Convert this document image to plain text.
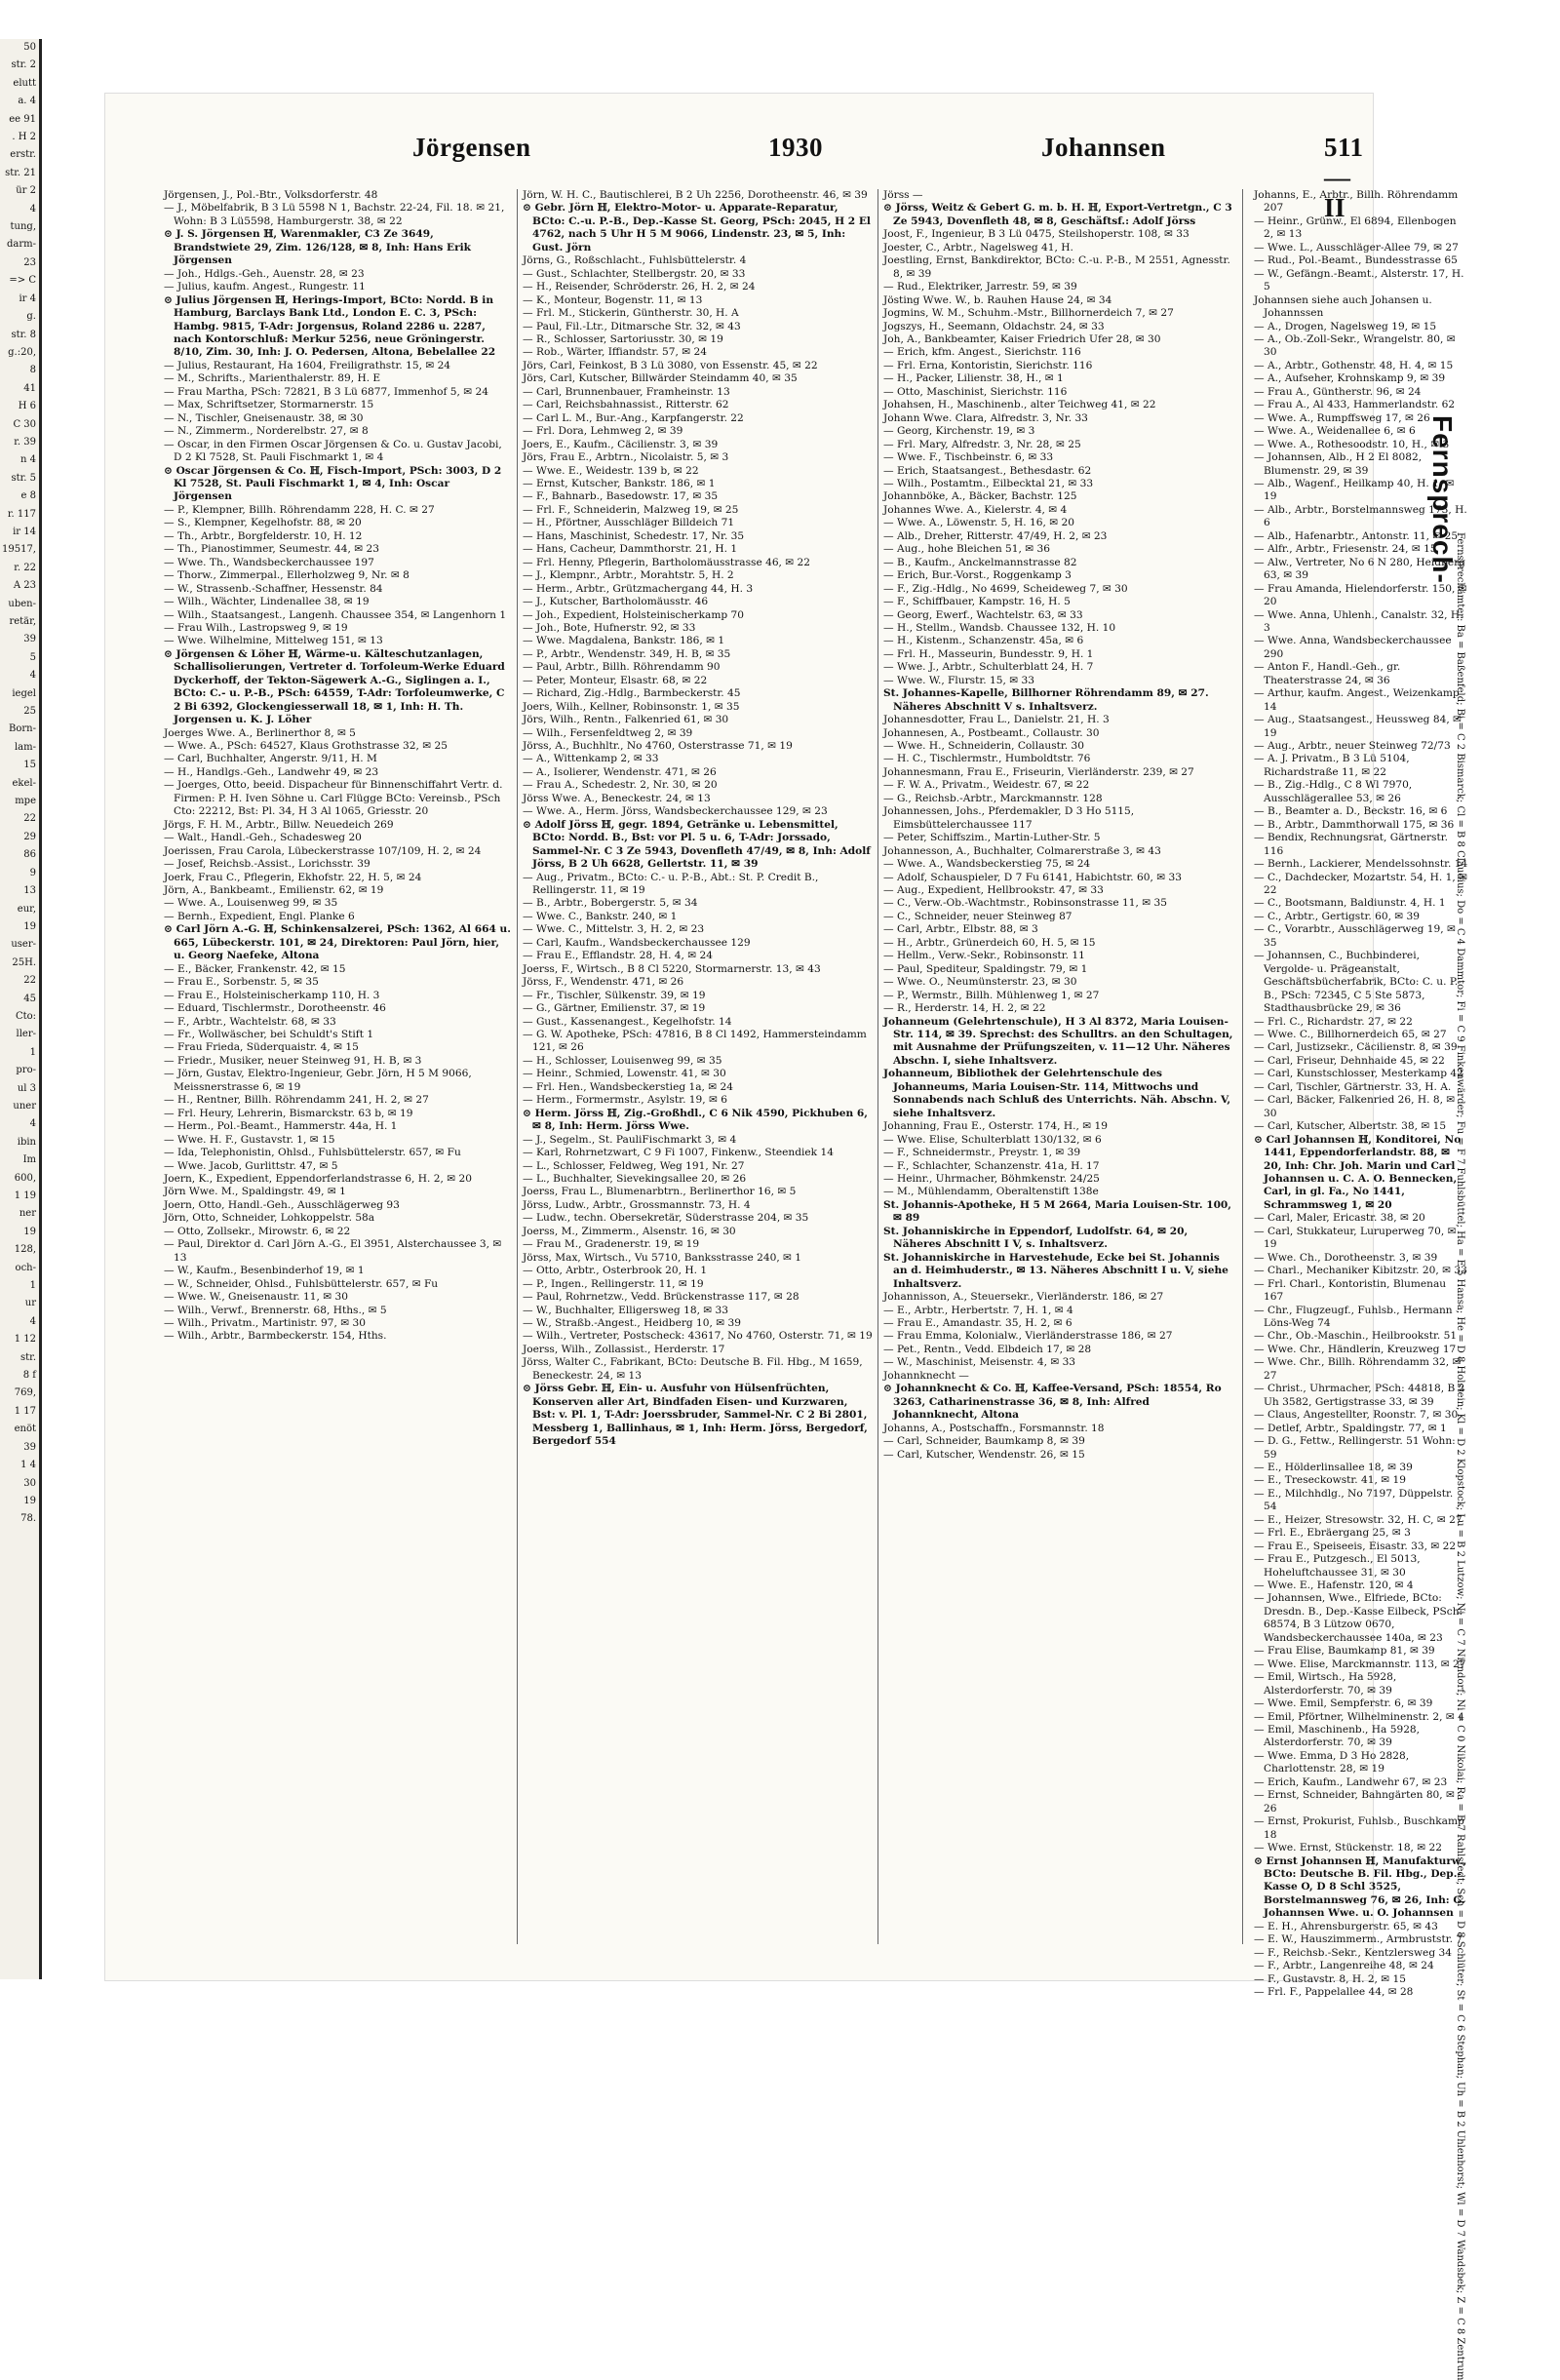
50
str. 2
elutt
a. 4
ee 91
. H 2
erstr.
str. 21
ür 2
4
tung,
darm-
23
=> C
ir 4
g.
str. 8
g.:20,
8
41
H 6
C 30
r. 39
n 4
str. 5
e 8
r. 117
ir 14
19517,
r. 22
A 23
uben-
retär,
39
5
4
iegel
25
Born-
lam-
15
ekel-
mpe
22
29
86
9
13
eur,
19
user-
25H.
22
45
Cto:
ller-
1
pro-
ul 3
uner
4
ibin
Im
600,
1 19
ner
19
128,
och-
1
ur
4
1 12
str.
8 f
769,
1 17
enöt
39
1 4
30
19
78.
Jörgensen	1930	Johannsen	511—II

Jörgensen, J., Pol.-Btr., Volksdorferstr. 48

— J., Möbelfabrik, B 3 Lü 5598 N 1, Bachstr. 22-24, Fil. 18. ✉ 21, Wohn: B 3 Lü5598, Hamburgerstr. 38, ✉ 22

⊙ J. S. Jörgensen ℍ, Warenmakler, C3 Ze 3649, Brandstwiete 29, Zim. 126/128, ✉ 8, Inh: Hans Erik Jörgensen

— Joh., Hdlgs.-Geh., Auenstr. 28, ✉ 23

— Julius, kaufm. Angest., Rungestr. 11

⊙ Julius Jörgensen ℍ, Herings-Import, BCto: Nordd. B in Hamburg, Barclays Bank Ltd., London E. C. 3, PSch: Hambg. 9815, T-Adr: Jorgensus, Roland 2286 u. 2287, nach Kontorschluß: Merkur 5256, neue Gröningerstr. 8/10, Zim. 30, Inh: J. O. Pedersen, Altona, Bebelallee 22

— Julius, Restaurant, Ha 1604, Freiligrathstr. 15, ✉ 24

— M., Schrifts., Marienthalerstr. 89, H. E

— Frau Martha, PSch: 72821, B 3 Lü 6877, Immenhof 5, ✉ 24

— Max, Schriftsetzer, Stormarnerstr. 15

— N., Tischler, Gneisenaustr. 38, ✉ 30

— N., Zimmerm., Norderelbstr. 27, ✉ 8

— Oscar, in den Firmen Oscar Jörgensen & Co. u. Gustav Jacobi, D 2 Kl 7528, St. Pauli Fischmarkt 1, ✉ 4

⊙ Oscar Jörgensen & Co. ℍ, Fisch-Import, PSch: 3003, D 2 Kl 7528, St. Pauli Fischmarkt 1, ✉ 4, Inh: Oscar Jörgensen

— P., Klempner, Billh. Röhrendamm 228, H. C. ✉ 27

— S., Klempner, Kegelhofstr. 88, ✉ 20

— Th., Arbtr., Borgfelderstr. 10, H. 12

— Th., Pianostimmer, Seumestr. 44, ✉ 23

— Wwe. Th., Wandsbeckerchaussee 197

— Thorw., Zimmerpal., Ellerholzweg 9, Nr. ✉ 8

— W., Strassenb.-Schaffner, Hessenstr. 84

— Wilh., Wächter, Lindenallee 38, ✉ 19

— Wilh., Staatsangest., Langenh. Chaussee 354, ✉ Langenhorn 1

— Frau Wilh., Lastropsweg 9, ✉ 19

— Wwe. Wilhelmine, Mittelweg 151, ✉ 13

⊙ Jörgensen & Löher ℍ, Wärme-u. Kälteschutzanlagen, Schallisolierungen, Vertreter d. Torfoleum-Werke Eduard Dyckerhoff, der Tekton-Sägewerk A.-G., Siglingen a. I., BCto: C.- u. P.-B., PSch: 64559, T-Adr: Torfoleumwerke, C 2 Bi 6392, Glockengiesserwall 18, ✉ 1, Inh: H. Th. Jorgensen u. K. J. Löher

Joerges Wwe. A., Berlinerthor 8, ✉ 5

— Wwe. A., PSch: 64527, Klaus Grothstrasse 32, ✉ 25

— Carl, Buchhalter, Angerstr. 9/11, H. M

— H., Handlgs.-Geh., Landwehr 49, ✉ 23

— Joerges, Otto, beeid. Dispacheur für Binnenschiffahrt Vertr. d. Firmen: P. H. Iven Söhne u. Carl Flügge BCto: Vereinsb., PSch Cto: 22212, Bst: Pl. 34, H 3 Al 1065, Griesstr. 20

Jörgs, F. H. M., Arbtr., Billw. Neuedeich 269

— Walt., Handl.-Geh., Schadesweg 20

Joerissen, Frau Carola, Lübeckerstrasse 107/109, H. 2, ✉ 24

— Josef, Reichsb.-Assist., Lorichsstr. 39

Joerk, Frau C., Pflegerin, Ekhofstr. 22, H. 5, ✉ 24

Jörn, A., Bankbeamt., Emilienstr. 62, ✉ 19

— Wwe. A., Louisenweg 99, ✉ 35

— Bernh., Expedient, Engl. Planke 6

⊙ Carl Jörn A.-G. ℍ, Schinkensalzerei, PSch: 1362, Al 664 u. 665, Lübeckerstr. 101, ✉ 24, Direktoren: Paul Jörn, hier, u. Georg Naefeke, Altona

— E., Bäcker, Frankenstr. 42, ✉ 15

— Frau E., Sorbenstr. 5, ✉ 35

— Frau E., Holsteinischerkamp 110, H. 3

— Eduard, Tischlermstr., Dorotheenstr. 46

— F., Arbtr., Wachtelstr. 68, ✉ 33

— Fr., Wollwäscher, bei Schuldt's Stift 1

— Frau Frieda, Süderquaistr. 4, ✉ 15

— Friedr., Musiker, neuer Steinweg 91, H. B, ✉ 3

— Jörn, Gustav, Elektro-Ingenieur, Gebr. Jörn, H 5 M 9066, Meissnerstrasse 6, ✉ 19

— H., Rentner, Billh. Röhrendamm 241, H. 2, ✉ 27

— Frl. Heury, Lehrerin, Bismarckstr. 63 b, ✉ 19

— Herm., Pol.-Beamt., Hammerstr. 44a, H. 1

— Wwe. H. F., Gustavstr. 1, ✉ 15

— Ida, Telephonistin, Ohlsd., Fuhlsbüttelerstr. 657, ✉ Fu

— Wwe. Jacob, Gurlittstr. 47, ✉ 5

Joern, K., Expedient, Eppendorferlandstrasse 6, H. 2, ✉ 20

Jörn Wwe. M., Spaldingstr. 49, ✉ 1

Joern, Otto, Handl.-Geh., Ausschlägerweg 93

Jörn, Otto, Schneider, Lohkoppelstr. 58a

— Otto, Zollsekr., Mirowstr. 6, ✉ 22

— Paul, Direktor d. Carl Jörn A.-G., El 3951, Alsterchaussee 3, ✉ 13

— W., Kaufm., Besenbinderhof 19, ✉ 1

— W., Schneider, Ohlsd., Fuhlsbüttelerstr. 657, ✉ Fu

— Wwe. W., Gneisenaustr. 11, ✉ 30

— Wilh., Verwf., Brennerstr. 68, Hths., ✉ 5

— Wilh., Privatm., Martinistr. 97, ✉ 30

— Wilh., Arbtr., Barmbeckerstr. 154, Hths.

Jörn, W. H. C., Bautischlerei, B 2 Uh 2256, Dorotheenstr. 46, ✉ 39

⊙ Gebr. Jörn ℍ, Elektro-Motor- u. Apparate-Reparatur, BCto: C.-u. P.-B., Dep.-Kasse St. Georg, PSch: 2045, H 2 El 4762, nach 5 Uhr H 5 M 9066, Lindenstr. 23, ✉ 5, Inh: Gust. Jörn

Jörns, G., Roßschlacht., Fuhlsbüttelerstr. 4

— Gust., Schlachter, Stellbergstr. 20, ✉ 33

— H., Reisender, Schröderstr. 26, H. 2, ✉ 24

— K., Monteur, Bogenstr. 11, ✉ 13

— Frl. M., Stickerin, Güntherstr. 30, H. A

— Paul, Fil.-Ltr., Ditmarsche Str. 32, ✉ 43

— R., Schlosser, Sartoriusstr. 30, ✉ 19

— Rob., Wärter, Iffiandstr. 57, ✉ 24

Jörs, Carl, Feinkost, B 3 Lü 3080, von Essenstr. 45, ✉ 22

Jörs, Carl, Kutscher, Billwärder Steindamm 40, ✉ 35

— Carl, Brunnenbauer, Framheinstr. 13

— Carl, Reichsbahnassist., Ritterstr. 62

— Carl L. M., Bur.-Ang., Karpfangerstr. 22

— Frl. Dora, Lehmweg 2, ✉ 39

Joers, E., Kaufm., Cäcilienstr. 3, ✉ 39

Jörs, Frau E., Arbtrn., Nicolaistr. 5, ✉ 3

— Wwe. E., Weidestr. 139 b, ✉ 22

— Ernst, Kutscher, Bankstr. 186, ✉ 1

— F., Bahnarb., Basedowstr. 17, ✉ 35

— Frl. F., Schneiderin, Malzweg 19, ✉ 25

— H., Pförtner, Ausschläger Billdeich 71

— Hans, Maschinist, Schedestr. 17, Nr. 35

— Hans, Cacheur, Dammthorstr. 21, H. 1

— Frl. Henny, Pflegerin, Bartholomäusstrasse 46, ✉ 22

— J., Klempnr., Arbtr., Morahtstr. 5, H. 2

— Herm., Arbtr., Grützmachergang 44, H. 3

— J., Kutscher, Bartholomäusstr. 46

— Joh., Expedient, Holsteinischerkamp 70

— Joh., Bote, Hufnerstr. 92, ✉ 33

— Wwe. Magdalena, Bankstr. 186, ✉ 1

— P., Arbtr., Wendenstr. 349, H. B, ✉ 35

— Paul, Arbtr., Billh. Röhrendamm 90

— Peter, Monteur, Elsastr. 68, ✉ 22

— Richard, Zig.-Hdlg., Barmbeckerstr. 45

Joers, Wilh., Kellner, Robinsonstr. 1, ✉ 35

Jörs, Wilh., Rentn., Falkenried 61, ✉ 30

— Wilh., Fersenfeldtweg 2, ✉ 39

Jörss, A., Buchhltr., No 4760, Osterstrasse 71, ✉ 19

— A., Wittenkamp 2, ✉ 33

— A., Isolierer, Wendenstr. 471, ✉ 26

— Frau A., Schedestr. 2, Nr. 30, ✉ 20

Jörss Wwe. A., Beneckestr. 24, ✉ 13

— Wwe. A., Herm. Jörss, Wandsbeckerchaussee 129, ✉ 23

⊙ Adolf Jörss ℍ, gegr. 1894, Getränke u. Lebensmittel, BCto: Nordd. B., Bst: vor Pl. 5 u. 6, T-Adr: Jorssado, Sammel-Nr. C 3 Ze 5943, Dovenfleth 47/49, ✉ 8, Inh: Adolf Jörss, B 2 Uh 6628, Gellertstr. 11, ✉ 39

— Aug., Privatm., BCto: C.- u. P.-B., Abt.: St. P. Credit B., Rellingerstr. 11, ✉ 19

— B., Arbtr., Bobergerstr. 5, ✉ 34

— Wwe. C., Bankstr. 240, ✉ 1

— Wwe. C., Mittelstr. 3, H. 2, ✉ 23

— Carl, Kaufm., Wandsbeckerchaussee 129

— Frau E., Efflandstr. 28, H. 4, ✉ 24

Joerss, F., Wirtsch., B 8 Cl 5220, Stormarnerstr. 13, ✉ 43

Jörss, F., Wendenstr. 471, ✉ 26

— Fr., Tischler, Sülkenstr. 39, ✉ 19

— G., Gärtner, Emilienstr. 37, ✉ 19

— Gust., Kassenangest., Kegelhofstr. 14

— G. W. Apotheke, PSch: 47816, B 8 Cl 1492, Hammersteindamm 121, ✉ 26

— H., Schlosser, Louisenweg 99, ✉ 35

— Heinr., Schmied, Lowenstr. 41, ✉ 30

— Frl. Hen., Wandsbeckerstieg 1a, ✉ 24

— Herm., Formermstr., Asylstr. 19, ✉ 6

⊙ Herm. Jörss ℍ, Zig.-Großhdl., C 6 Nik 4590, Pickhuben 6, ✉ 8, Inh: Herm. Jörss Wwe.

— J., Segelm., St. PauliFischmarkt 3, ✉ 4

— Karl, Rohrnetzwart, C 9 Fi 1007, Finkenw., Steendiek 14

— L., Schlosser, Feldweg, Weg 191, Nr. 27

— L., Buchhalter, Sievekingsallee 20, ✉ 26

Joerss, Frau L., Blumenarbtrn., Berlinerthor 16, ✉ 5

Jörss, Ludw., Arbtr., Grossmannstr. 73, H. 4

— Ludw., techn. Obersekretär, Süderstrasse 204, ✉ 35

Joerss, M., Zimmerm., Alsenstr. 16, ✉ 30

— Frau M., Gradenerstr. 19, ✉ 19

Jörss, Max, Wirtsch., Vu 5710, Banksstrasse 240, ✉ 1

— Otto, Arbtr., Osterbrook 20, H. 1

— P., Ingen., Rellingerstr. 11, ✉ 19

— Paul, Rohrnetzw., Vedd. Brückenstrasse 117, ✉ 28

— W., Buchhalter, Elligersweg 18, ✉ 33

— W., Straßb.-Angest., Heidberg 10, ✉ 39

— Wilh., Vertreter, Postscheck: 43617, No 4760, Osterstr. 71, ✉ 19

Joerss, Wilh., Zollassist., Herderstr. 17

Jörss, Walter C., Fabrikant, BCto: Deutsche B. Fil. Hbg., M 1659, Beneckestr. 24, ✉ 13

⊙ Jörss Gebr. ℍ, Ein- u. Ausfuhr von Hülsenfrüchten, Konserven aller Art, Bindfaden Eisen- und Kurzwaren, Bst: v. Pl. 1, T-Adr: Joerssbruder, Sammel-Nr. C 2 Bi 2801, Messberg 1, Ballinhaus, ✉ 1, Inh: Herm. Jörss, Bergedorf, Bergedorf 554

Jörss —

⊙ Jörss, Weitz & Gebert G. m. b. H. ℍ, Export-Vertretgn., C 3 Ze 5943, Dovenfleth 48, ✉ 8, Geschäftsf.: Adolf Jörss

Joost, F., Ingenieur, B 3 Lü 0475, Steilshoperstr. 108, ✉ 33

Joester, C., Arbtr., Nagelsweg 41, H.

Joestling, Ernst, Bankdirektor, BCto: C.-u. P.-B., M 2551, Agnesstr. 8, ✉ 39

— Rud., Elektriker, Jarrestr. 59, ✉ 39

Jösting Wwe. W., b. Rauhen Hause 24, ✉ 34

Jogmins, W. M., Schuhm.-Mstr., Billhornerdeich 7, ✉ 27

Jogszys, H., Seemann, Oldachstr. 24, ✉ 33

Joh, A., Bankbeamter, Kaiser Friedrich Ufer 28, ✉ 30

— Erich, kfm. Angest., Sierichstr. 116

— Frl. Erna, Kontoristin, Sierichstr. 116

— H., Packer, Lilienstr. 38, H., ✉ 1

— Otto, Maschinist, Sierichstr. 116

Johahsen, H., Maschinenb., alter Teichweg 41, ✉ 22

Johann Wwe. Clara, Alfredstr. 3, Nr. 33

— Georg, Kirchenstr. 19, ✉ 3

— Frl. Mary, Alfredstr. 3, Nr. 28, ✉ 25

— Wwe. F., Tischbeinstr. 6, ✉ 33

— Erich, Staatsangest., Bethesdastr. 62

— Wilh., Postamtm., Eilbecktal 21, ✉ 33

Johannböke, A., Bäcker, Bachstr. 125

Johannes Wwe. A., Kielerstr. 4, ✉ 4

— Wwe. A., Löwenstr. 5, H. 16, ✉ 20

— Alb., Dreher, Ritterstr. 47/49, H. 2, ✉ 23

— Aug., hohe Bleichen 51, ✉ 36

— B., Kaufm., Anckelmannstrasse 82

— Erich, Bur.-Vorst., Roggenkamp 3

— F., Zig.-Hdlg., No 4699, Scheideweg 7, ✉ 30

— F., Schiffbauer, Kampstr. 16, H. 5

— Georg, Ewerf., Wachtelstr. 63, ✉ 33

— H., Stellm., Wandsb. Chaussee 132, H. 10

— H., Kistenm., Schanzenstr. 45a, ✉ 6

— Frl. H., Masseurin, Bundesstr. 9, H. 1

— Wwe. J., Arbtr., Schulterblatt 24, H. 7

— Wwe. W., Flurstr. 15, ✉ 33

St. Johannes-Kapelle, Billhorner Röhrendamm 89, ✉ 27. Näheres Abschnitt V s. Inhaltsverz.

Johannesdotter, Frau L., Danielstr. 21, H. 3

Johannesen, A., Postbeamt., Collaustr. 30

— Wwe. H., Schneiderin, Collaustr. 30

— H. C., Tischlermstr., Humboldtstr. 76

Johannesmann, Frau E., Friseurin, Vierländerstr. 239, ✉ 27

— F. W. A., Privatm., Weidestr. 67, ✉ 22

— G., Reichsb.-Arbtr., Marckmannstr. 128

Johannessen, Johs., Pferdemakler, D 3 Ho 5115, Eimsbüttelerchaussee 117

— Peter, Schiffszim., Martin-Luther-Str. 5

Johannesson, A., Buchhalter, Colmarerstraße 3, ✉ 43

— Wwe. A., Wandsbeckerstieg 75, ✉ 24

— Adolf, Schauspieler, D 7 Fu 6141, Habichtstr. 60, ✉ 33

— Aug., Expedient, Hellbrookstr. 47, ✉ 33

— C., Verw.-Ob.-Wachtmstr., Robinsonstrasse 11, ✉ 35

— C., Schneider, neuer Steinweg 87

— Carl, Arbtr., Elbstr. 88, ✉ 3

— H., Arbtr., Grünerdeich 60, H. 5, ✉ 15

— Hellm., Verw.-Sekr., Robinsonstr. 11

— Paul, Spediteur, Spaldingstr. 79, ✉ 1

— Wwe. O., Neumünsterstr. 23, ✉ 30

— P., Wermstr., Billh. Mühlenweg 1, ✉ 27

— R., Herderstr. 14, H. 2, ✉ 22

Johanneum (Gelehrtenschule), H 3 Al 8372, Maria Louisen-Str. 114, ✉ 39. Sprechst: des Schulltrs. an den Schultagen, mit Ausnahme der Prüfungszeiten, v. 11—12 Uhr. Näheres Abschn. I, siehe Inhaltsverz.

Johanneum, Bibliothek der Gelehrtenschule des Johanneums, Maria Louisen-Str. 114, Mittwochs und Sonnabends nach Schluß des Unterrichts. Näh. Abschn. V, siehe Inhaltsverz.

Johanning, Frau E., Osterstr. 174, H., ✉ 19

— Wwe. Elise, Schulterblatt 130/132, ✉ 6

— F., Schneidermstr., Preystr. 1, ✉ 39

— F., Schlachter, Schanzenstr. 41a, H. 17

— Heinr., Uhrmacher, Böhmkenstr. 24/25

— M., Mühlendamm, Oberaltenstift 138e

St. Johannis-Apotheke, H 5 M 2664, Maria Louisen-Str. 100, ✉ 89

St. Johanniskirche in Eppendorf, Ludolfstr. 64, ✉ 20, Näheres Abschnitt I V, s. Inhaltsverz.

St. Johanniskirche in Harvestehude, Ecke bei St. Johannis an d. Heimhuderstr., ✉ 13. Näheres Abschnitt I u. V, siehe Inhaltsverz.

Johannisson, A., Steuersekr., Vierländerstr. 186, ✉ 27

— E., Arbtr., Herbertstr. 7, H. 1, ✉ 4

— Frau E., Amandastr. 35, H. 2, ✉ 6

— Frau Emma, Kolonialw., Vierländerstrasse 186, ✉ 27

— Pet., Rentn., Vedd. Elbdeich 17, ✉ 28

— W., Maschinist, Meisenstr. 4, ✉ 33

Johannknecht —

⊙ Johannknecht & Co. ℍ, Kaffee-Versand, PSch: 18554, Ro 3263, Catharinenstrasse 36, ✉ 8, Inh: Alfred Johannknecht, Altona

Johanns, A., Postschaffn., Forsmannstr. 18

— Carl, Schneider, Baumkamp 8, ✉ 39

— Carl, Kutscher, Wendenstr. 26, ✉ 15

Johanns, E., Arbtr., Billh. Röhrendamm 207

— Heinr., Grünw., El 6894, Ellenbogen 2, ✉ 13

— Wwe. L., Ausschläger-Allee 79, ✉ 27

— Rud., Pol.-Beamt., Bundesstrasse 65

— W., Gefängn.-Beamt., Alsterstr. 17, H. 5

Johannsen siehe auch Johansen u. Johannssen

— A., Drogen, Nagelsweg 19, ✉ 15

— A., Ob.-Zoll-Sekr., Wrangelstr. 80, ✉ 30

— A., Arbtr., Gothenstr. 48, H. 4, ✉ 15

— A., Aufseher, Krohnskamp 9, ✉ 39

— Frau A., Güntherstr. 96, ✉ 24

— Frau A., Al 433, Hammerlandstr. 62

— Wwe. A., Rumpffsweg 17, ✉ 26

— Wwe. A., Weidenallee 6, ✉ 6

— Wwe. A., Rothesoodstr. 10, H., ✉ 3

— Johannsen, Alb., H 2 El 8082, Blumenstr. 29, ✉ 39

— Alb., Wagenf., Heilkamp 40, H. 1, ✉ 19

— Alb., Arbtr., Borstelmannsweg 173, H. 6

— Alb., Hafenarbtr., Antonstr. 11, ✉ 25

— Alfr., Arbtr., Friesenstr. 24, ✉ 15

— Alw., Vertreter, No 6 N 280, Heidberg 63, ✉ 39

— Frau Amanda, Hielendorferstr. 150, ✉ 20

— Wwe. Anna, Uhlenh., Canalstr. 32, H. 3

— Wwe. Anna, Wandsbeckerchaussee 290

— Anton F., Handl.-Geh., gr. Theaterstrasse 24, ✉ 36

— Arthur, kaufm. Angest., Weizenkamp 14

— Aug., Staatsangest., Heussweg 84, ✉ 19

— Aug., Arbtr., neuer Steinweg 72/73

— A. J. Privatm., B 3 Lü 5104, Richardstraße 11, ✉ 22

— B., Zig.-Hdlg., C 8 Wl 7970, Ausschlägerallee 53, ✉ 26

— B., Beamter a. D., Beckstr. 16, ✉ 6

— B., Arbtr., Dammthorwall 175, ✉ 36

— Bendix, Rechnungsrat, Gärtnerstr. 116

— Bernh., Lackierer, Mendelssohnstr. 14

— C., Dachdecker, Mozartstr. 54, H. 1, ✉ 22

— C., Bootsmann, Baldiunstr. 4, H. 1

— C., Arbtr., Gertigstr. 60, ✉ 39

— C., Vorarbtr., Ausschlägerweg 19, ✉ 35

— Johannsen, C., Buchbinderei, Vergolde- u. Prägeanstalt, Geschäftsbücherfabrik, BCto: C. u. P.-B., PSch: 72345, C 5 Ste 5873, Stadthausbrücke 29, ✉ 36

— Frl. C., Richardstr. 27, ✉ 22

— Wwe. C., Billhornerdeich 65, ✉ 27

— Carl, Justizsekr., Cäcilienstr. 8, ✉ 39

— Carl, Friseur, Dehnhaide 45, ✉ 22

— Carl, Kunstschlosser, Mesterkamp 42

— Carl, Tischler, Gärtnerstr. 33, H. A.

— Carl, Bäcker, Falkenried 26, H. 8, ✉ 30

— Carl, Kutscher, Albertstr. 38, ✉ 15

⊙ Carl Johannsen ℍ, Konditorei, No 1441, Eppendorferlandstr. 88, ✉ 20, Inh: Chr. Joh. Marin und Carl Johannsen u. C. A. O. Bennecken, Carl, in gl. Fa., No 1441, Schrammsweg 1, ✉ 20

— Carl, Maler, Ericastr. 38, ✉ 20

— Carl, Stukkateur, Luruperweg 70, ✉ 19

— Wwe. Ch., Dorotheenstr. 3, ✉ 39

— Charl., Mechaniker Kibitzstr. 20, ✉ 33

— Frl. Charl., Kontoristin, Blumenau 167

— Chr., Flugzeugf., Fuhlsb., Hermann Löns-Weg 74

— Chr., Ob.-Maschin., Heilbrookstr. 51

— Wwe. Chr., Händlerin, Kreuzweg 17

— Wwe. Chr., Billh. Röhrendamm 32, ✉ 27

— Christ., Uhrmacher, PSch: 44818, B 2 Uh 3582, Gertigstrasse 33, ✉ 39

— Claus, Angestellter, Roonstr. 7, ✉ 30

— Detlef, Arbtr., Spaldingstr. 77, ✉ 1

— D. G., Fettw., Rellingerstr. 51 Wohn: 59

— E., Hölderlinsallee 18, ✉ 39

— E., Treseckowstr. 41, ✉ 19

— E., Milchhdlg., No 7197, Düppelstr. 54

— E., Heizer, Stresowstr. 32, H. C, ✉ 27

— Frl. E., Ebräergang 25, ✉ 3

— Frau E., Speiseeis, Eisastr. 33, ✉ 22

— Frau E., Putzgesch., El 5013, Hoheluftchaussee 31, ✉ 30

— Wwe. E., Hafenstr. 120, ✉ 4

— Johannsen, Wwe., Elfriede, BCto: Dresdn. B., Dep.-Kasse Eilbeck, PSch: 68574, B 3 Lützow 0670, Wandsbeckerchaussee 140a, ✉ 23

— Frau Elise, Baumkamp 81, ✉ 39

— Wwe. Elise, Marckmannstr. 113, ✉ 27

— Emil, Wirtsch., Ha 5928, Alsterdorferstr. 70, ✉ 39

— Wwe. Emil, Sempferstr. 6, ✉ 39

— Emil, Pförtner, Wilhelminenstr. 2, ✉ 4

— Emil, Maschinenb., Ha 5928, Alsterdorferstr. 70, ✉ 39

— Wwe. Emma, D 3 Ho 2828, Charlottenstr. 28, ✉ 19

— Erich, Kaufm., Landwehr 67, ✉ 23

— Ernst, Schneider, Bahngärten 80, ✉ 26

— Ernst, Prokurist, Fuhlsb., Buschkamp 18

— Wwe. Ernst, Stückenstr. 18, ✉ 22

⊙ Ernst Johannsen ℍ, Manufakturw., BCto: Deutsche B. Fil. Hbg., Dep.-Kasse O, D 8 Schl 3525, Borstelmannsweg 76, ✉ 26, Inh: G. Johannsen Wwe. u. O. Johannsen

— E. H., Ahrensburgerstr. 65, ✉ 43

— E. W., Hauszimmerm., Armbruststr. 7

— F., Reichsb.-Sekr., Kentzlersweg 34

— F., Arbtr., Langenreihe 48, ✉ 24

— F., Gustavstr. 8, H. 2, ✉ 15

— Frl. F., Pappelallee 44, ✉ 28

Fernsprech-
Fernsprechämter: Ba = Baßenfeld; Bi = C 2 Bismarck; Cl = B 8 Claudius; Do = C 4 Dammtor; Fi = C 9 Finkenwärder; Fu = F 7 Fuhlsbüttel; Ha = E 5 Hansa; He = D 8 Holstein; Kl = D 2 Klopstock; Lu = B 2 Lutzow; Ni = C 7 Niendorf; Ni = C 0 Nikolai; Ra = B 7 Rahlstedt; Sch = D 8 Schlüter; St = C 6 Stephan; Uh = B 2 Uhlenhorst; Wl = D 7 Wandsbek; Z = C 8 Zentrum
